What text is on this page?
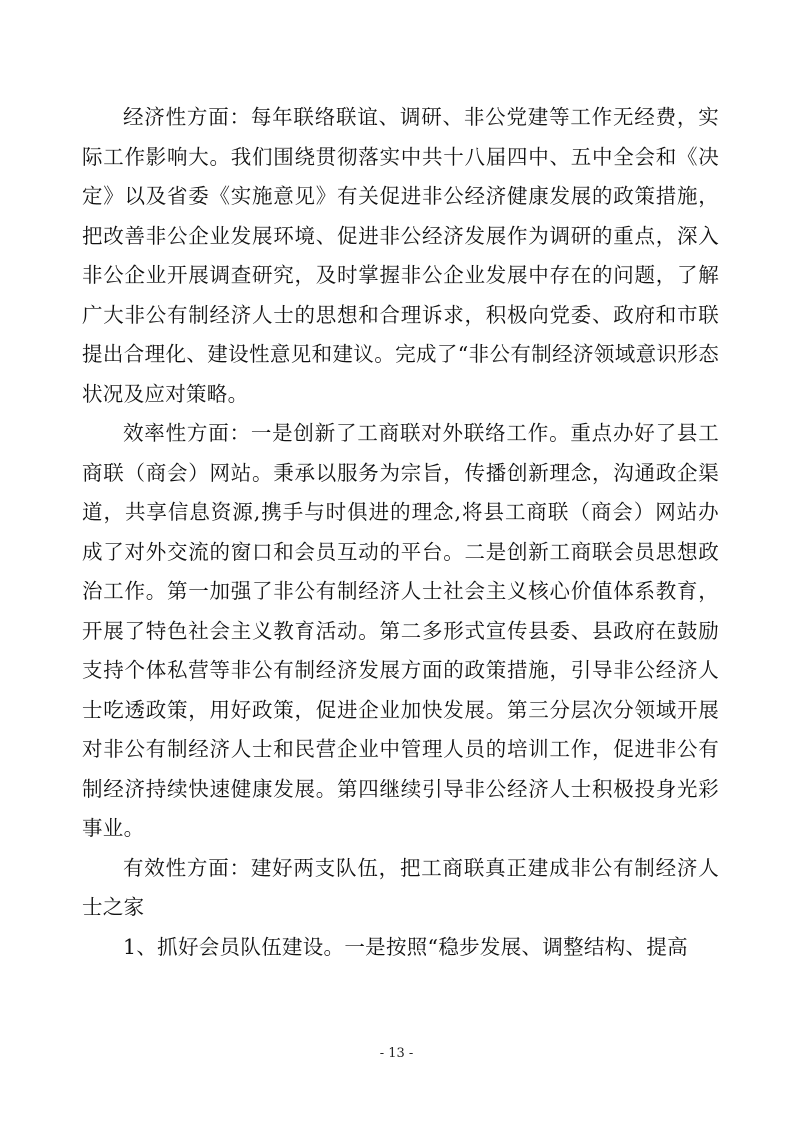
经济性方面：每年联络联谊、调研、非公党建等工作无经费，实际工作影响大。我们围绕贯彻落实中共十八届四中、五中全会和《决定》以及省委《实施意见》有关促进非公经济健康发展的政策措施，把改善非公企业发展环境、促进非公经济发展作为调研的重点，深入非公企业开展调查研究，及时掌握非公企业发展中存在的问题，了解广大非公有制经济人士的思想和合理诉求，积极向党委、政府和市联提出合理化、建设性意见和建议。完成了“非公有制经济领域意识形态状况及应对策略。

效率性方面：一是创新了工商联对外联络工作。重点办好了县工商联（商会）网站。秉承以服务为宗旨，传播创新理念，沟通政企渠道，共享信息资源,携手与时俱进的理念,将县工商联（商会）网站办成了对外交流的窗口和会员互动的平台。二是创新工商联会员思想政治工作。第一加强了非公有制经济人士社会主义核心价值体系教育，开展了特色社会主义教育活动。第二多形式宣传县委、县政府在鼓励支持个体私营等非公有制经济发展方面的政策措施，引导非公经济人士吃透政策，用好政策，促进企业加快发展。第三分层次分领域开展对非公有制经济人士和民营企业中管理人员的培训工作，促进非公有制经济持续快速健康发展。第四继续引导非公经济人士积极投身光彩事业。

有效性方面：建好两支队伍，把工商联真正建成非公有制经济人士之家

1、抓好会员队伍建设。一是按照“稳步发展、调整结构、提高

- 13 -
